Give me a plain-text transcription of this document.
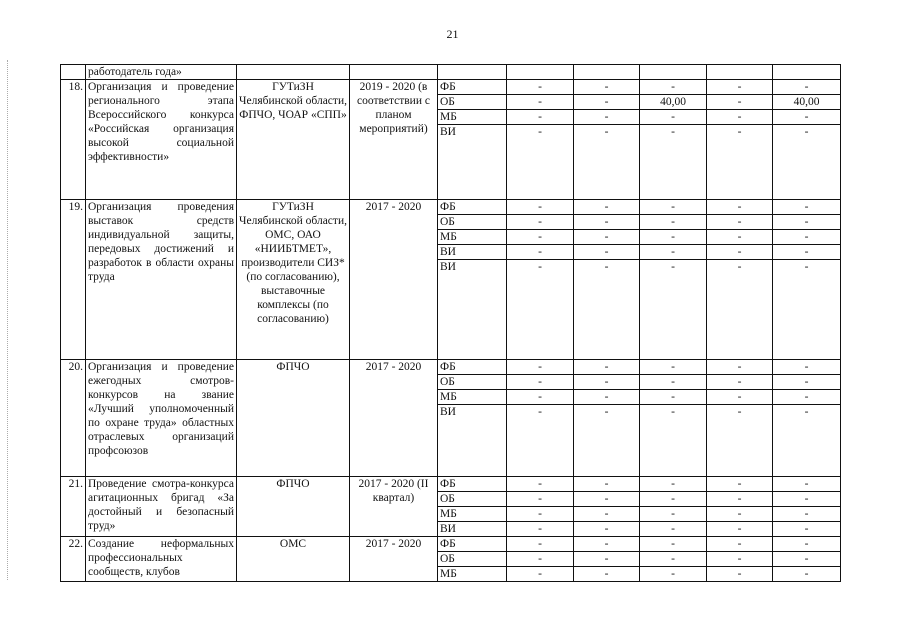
21
	работодатель года»								
18.	Организация и проведение регионального этапа Всероссийского конкурса «Российская организация высокой социальной эффективности»	ГУТиЗН Челябинской области, ФПЧО, ЧОАР «СПП»	2019 - 2020 (в соответствии с планом мероприятий)	ФБ	-	-	-	-	-
				ОБ	-	-	40,00	-	40,00
				МБ	-	-	-	-	-
				ВИ	-	-	-	-	-
19.	Организация проведения выставок средств индивидуальной защиты, передовых достижений и разработок в области охраны труда	ГУТиЗН Челябинской области, ОМС, ОАО «НИИБТМЕТ», производители СИЗ* (по согласованию), выставочные комплексы (по согласованию)	2017 - 2020	ФБ	-	-	-	-	-
				ОБ	-	-	-	-	-
				МБ	-	-	-	-	-
				ВИ	-	-	-	-	-
				ВИ	-	-	-	-	-
20.	Организация и проведение ежегодных смотров-конкурсов на звание «Лучший уполномоченный по охране труда» областных отраслевых организаций профсоюзов	ФПЧО	2017 - 2020	ФБ	-	-	-	-	-
				ОБ	-	-	-	-	-
				МБ	-	-	-	-	-
				ВИ	-	-	-	-	-
21.	Проведение смотра-конкурса агитационных бригад «За достойный и безопасный труд»	ФПЧО	2017 - 2020 (II квартал)	ФБ	-	-	-	-	-
				ОБ	-	-	-	-	-
				МБ	-	-	-	-	-
				ВИ	-	-	-	-	-
22.	Создание неформальных профессиональных сообществ, клубов	ОМС	2017 - 2020	ФБ	-	-	-	-	-
				ОБ	-	-	-	-	-
				МБ	-	-	-	-	-
